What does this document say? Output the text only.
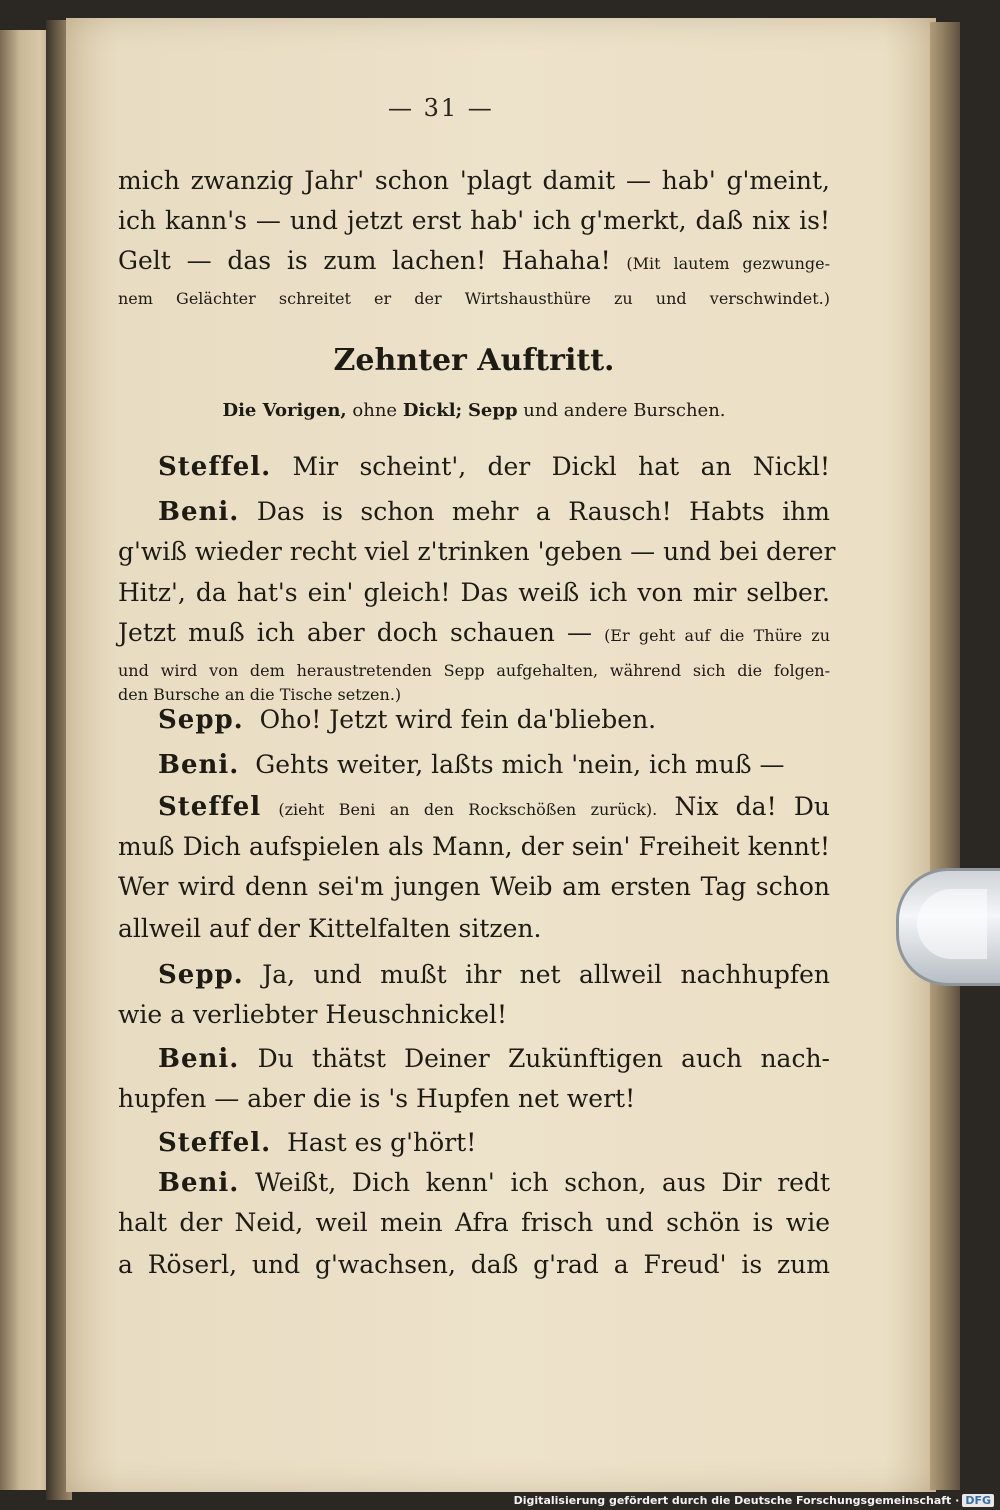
— 31 —
mich zwanzig Jahr' schon 'plagt damit — hab' g'meint,
ich kann's — und jetzt erst hab' ich g'merkt, daß nix is!
Gelt — das is zum lachen! Hahaha! (Mit lautem gezwunge-
nem Gelächter schreitet er der Wirtshausthüre zu und verschwindet.)
Zehnter Auftritt.
Die Vorigen, ohne Dickl; Sepp und andere Burschen.
Steffel. Mir scheint', der Dickl hat an Nickl!
Beni. Das is schon mehr a Rausch! Habts ihm
g'wiß wieder recht viel z'trinken 'geben — und bei derer
Hitz', da hat's ein' gleich! Das weiß ich von mir selber.
Jetzt muß ich aber doch schauen — (Er geht auf die Thüre zu
und wird von dem heraustretenden Sepp aufgehalten, während sich die folgen-
den Bursche an die Tische setzen.)
Sepp. Oho! Jetzt wird fein da'blieben.
Beni. Gehts weiter, laßts mich 'nein, ich muß —
Steffel (zieht Beni an den Rockschößen zurück). Nix da! Du
muß Dich aufspielen als Mann, der sein' Freiheit kennt!
Wer wird denn sei'm jungen Weib am ersten Tag schon
allweil auf der Kittelfalten sitzen.
Sepp. Ja, und mußt ihr net allweil nachhupfen
wie a verliebter Heuschnickel!
Beni. Du thätst Deiner Zukünftigen auch nach-
hupfen — aber die is 's Hupfen net wert!
Steffel. Hast es g'hört!
Beni. Weißt, Dich kenn' ich schon, aus Dir redt
halt der Neid, weil mein Afra frisch und schön is wie
a Röserl, und g'wachsen, daß g'rad a Freud' is zum
Digitalisierung gefördert durch die Deutsche Forschungsgemeinschaft · DFG
